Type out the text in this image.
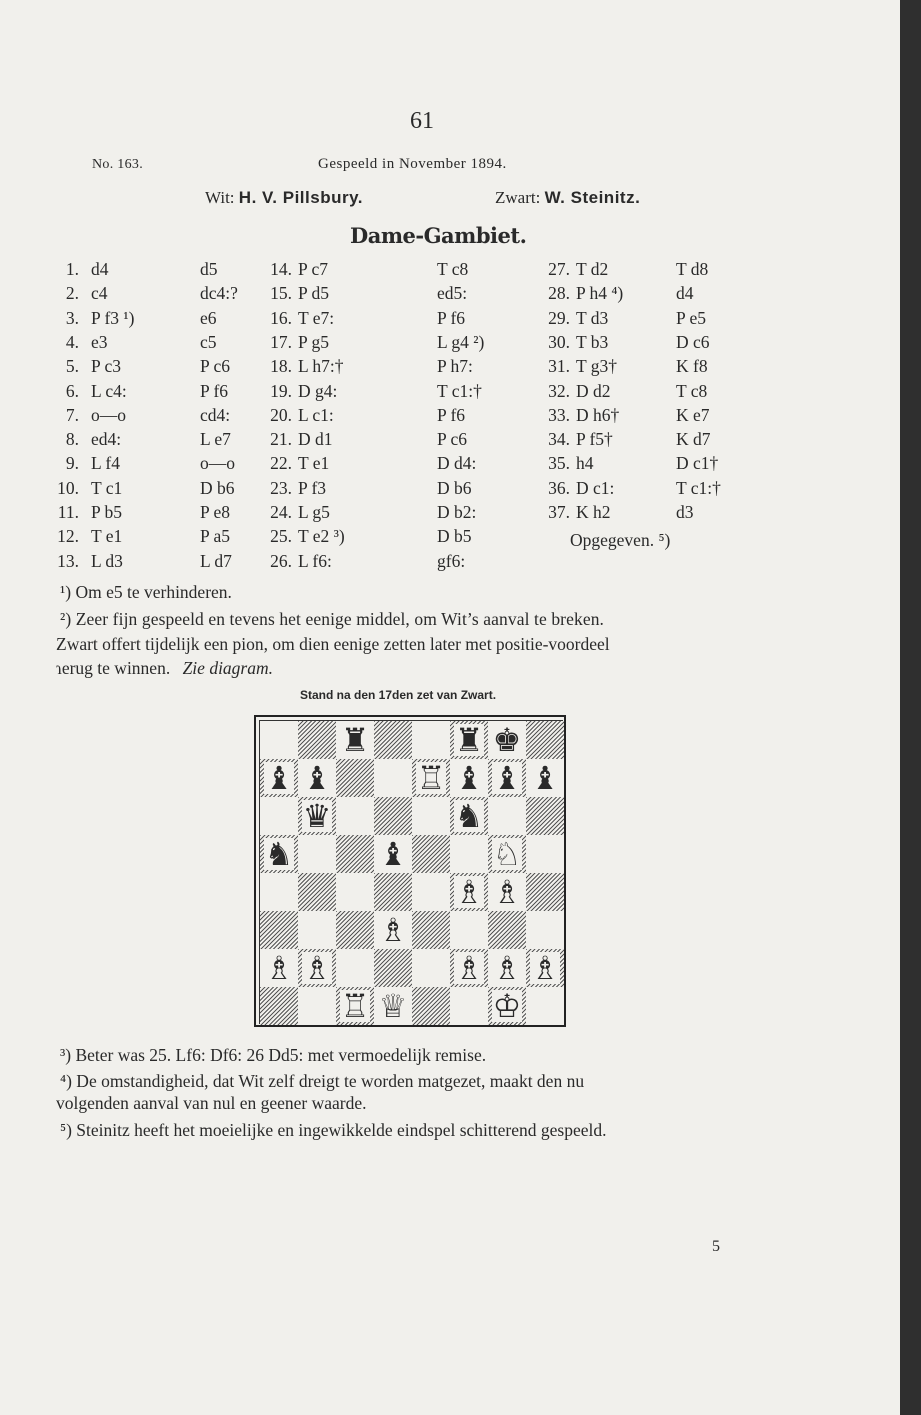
61
No. 163.	Gespeeld in November 1894.
Wit: H. V. Pillsbury.	Zwart: W. Steinitz.
Dame-Gambiet.
1. d4	d5
2. c4	dc4:?
3. P f3 ¹)	e6
4. e3	c5
5. P c3	P c6
6. L c4:	P f6
7. o—o	cd4:
8. ed4:	L e7
9. L f4	o—o
10. T c1	D b6
11. P b5	P e8
12. T e1	P a5
13. L d3	L d7
14. P c7	T c8
15. P d5	ed5:
16. T e7:	P f6
17. P g5	L g4 ²)
18. L h7:†	P h7:
19. D g4:	T c1:†
20. L c1:	P f6
21. D d1	P c6
22. T e1	D d4:
23. P f3	D b6
24. L g5	D b2:
25. T e2 ³)	D b5
26. L f6:	gf6:
27. T d2	T d8
28. P h4 ⁴)	d4
29. T d3	P e5
30. T b3	D c6
31. T g3†	K f8
32. D d2	T c8
33. D h6†	K e7
34. P f5†	K d7
35. h4	D c1†
36. D c1:	T c1:†
37. K h2	d3
Opgegeven. ⁵)
¹) Om e5 te verhinderen.
²) Zeer fijn gespeeld en tevens het eenige middel, om Wit’s aanval te breken.
Zwart offert tijdelijk een pion, om dien eenige zetten later met positie-voordeel
ɿerug te winnen. Zie diagram.
Stand na den 17den zet van Zwart.
♜	♜ ♚
♝ ♝	♖ ♝ ♝ ♝
♛	♞
♞	♝	♘
♗ ♗
♗
♗ ♗	♗ ♗ ♗
♖ ♕	♔
³) Beter was 25. Lf6: Df6: 26 Dd5: met vermoedelijk remise.
⁴) De omstandigheid, dat Wit zelf dreigt te worden matgezet, maakt den nu
volgenden aanval van nul en geener waarde.
⁵) Steinitz heeft het moeielijke en ingewikkelde eindspel schitterend gespeeld.
5
